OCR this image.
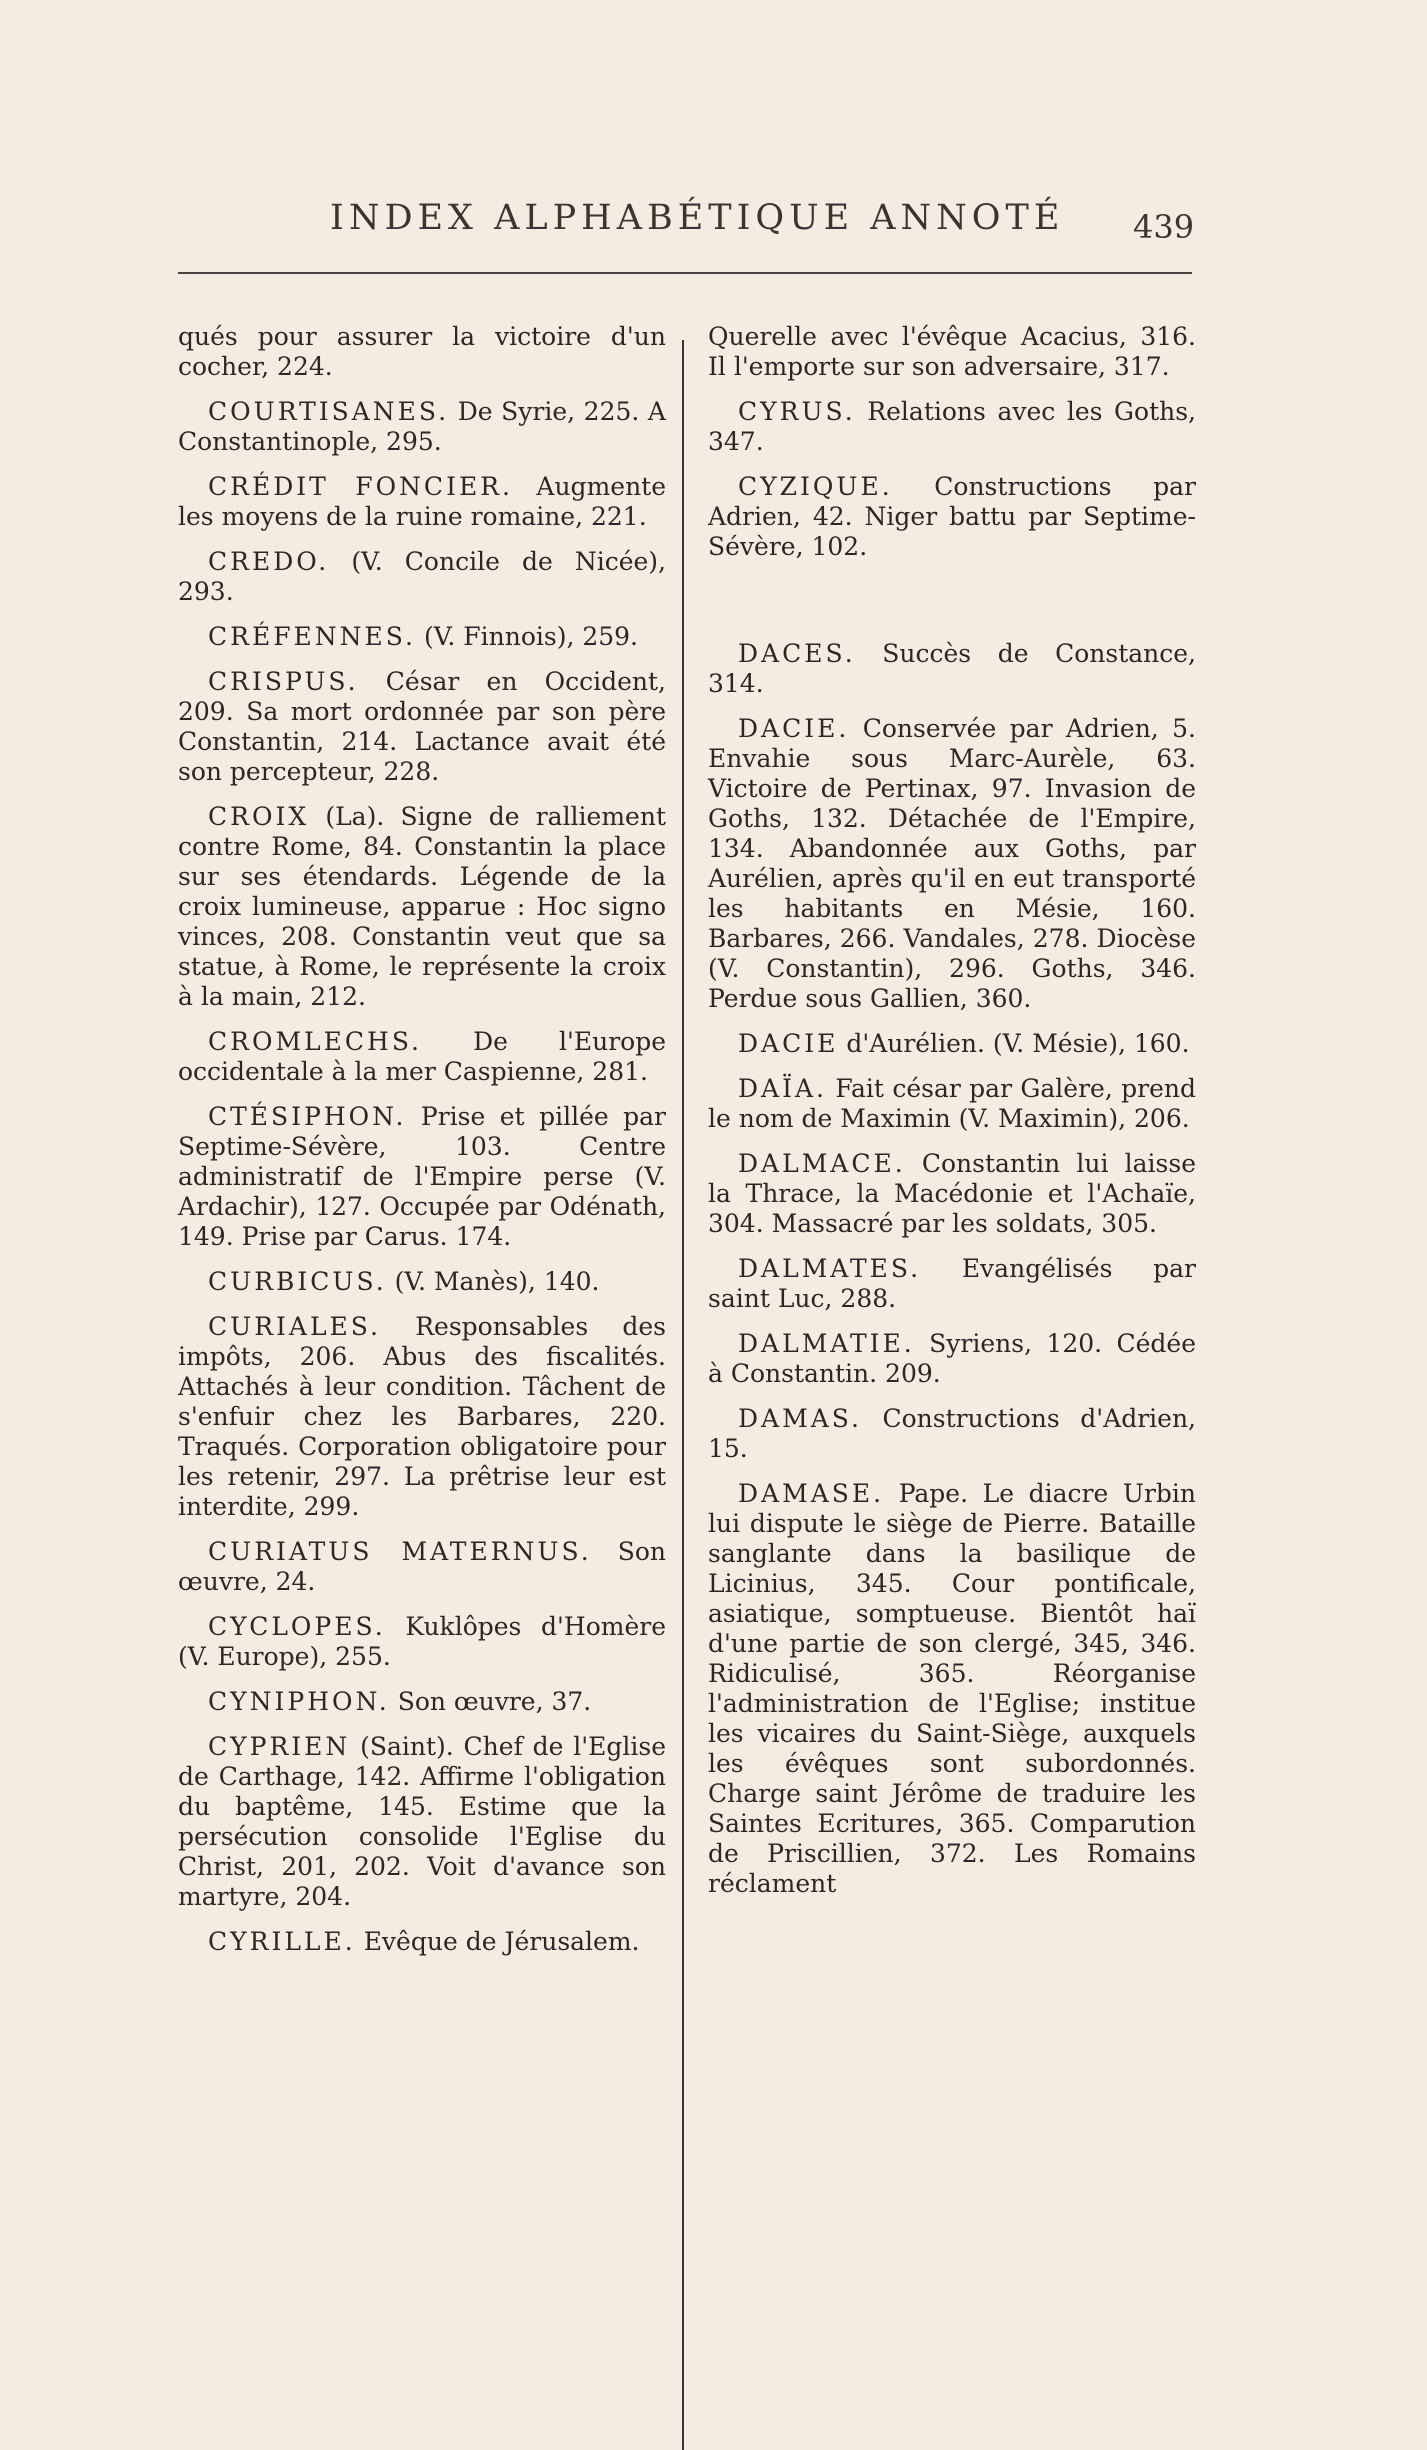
INDEX ALPHABÉTIQUE ANNOTÉ 439

qués pour assurer la victoire d'un cocher, 224.

COURTISANES. De Syrie, 225. A Constantinople, 295.

CRÉDIT FONCIER. Augmente les moyens de la ruine romaine, 221.

CREDO. (V. Concile de Nicée), 293.

CRÉFENNES. (V. Finnois), 259.

CRISPUS. César en Occident, 209. Sa mort ordonnée par son père Constantin, 214. Lactance avait été son percepteur, 228.

CROIX (La). Signe de ralliement contre Rome, 84. Constantin la place sur ses étendards. Légende de la croix lumineuse, apparue : Hoc signo vinces, 208. Constantin veut que sa statue, à Rome, le représente la croix à la main, 212.

CROMLECHS. De l'Europe occidentale à la mer Caspienne, 281.

CTÉSIPHON. Prise et pillée par Septime-Sévère, 103. Centre administratif de l'Empire perse (V. Ardachir), 127. Occupée par Odénath, 149. Prise par Carus. 174.

CURBICUS. (V. Manès), 140.

CURIALES. Responsables des impôts, 206. Abus des fiscalités. Attachés à leur condition. Tâchent de s'enfuir chez les Barbares, 220. Traqués. Corporation obligatoire pour les retenir, 297. La prêtrise leur est interdite, 299.

CURIATUS MATERNUS. Son œuvre, 24.

CYCLOPES. Kuklôpes d'Homère (V. Europe), 255.

CYNIPHON. Son œuvre, 37.

CYPRIEN (Saint). Chef de l'Eglise de Carthage, 142. Affirme l'obligation du baptême, 145. Estime que la persécution consolide l'Eglise du Christ, 201, 202. Voit d'avance son martyre, 204.

CYRILLE. Evêque de Jérusalem.

Querelle avec l'évêque Acacius, 316. Il l'emporte sur son adversaire, 317.

CYRUS. Relations avec les Goths, 347.

CYZIQUE. Constructions par Adrien, 42. Niger battu par Septime-Sévère, 102.

DACES. Succès de Constance, 314.

DACIE. Conservée par Adrien, 5. Envahie sous Marc-Aurèle, 63. Victoire de Pertinax, 97. Invasion de Goths, 132. Détachée de l'Empire, 134. Abandonnée aux Goths, par Aurélien, après qu'il en eut transporté les habitants en Mésie, 160. Barbares, 266. Vandales, 278. Diocèse (V. Constantin), 296. Goths, 346. Perdue sous Gallien, 360.

DACIE d'Aurélien. (V. Mésie), 160.

DAÏA. Fait césar par Galère, prend le nom de Maximin (V. Maximin), 206.

DALMACE. Constantin lui laisse la Thrace, la Macédonie et l'Achaïe, 304. Massacré par les soldats, 305.

DALMATES. Evangélisés par saint Luc, 288.

DALMATIE. Syriens, 120. Cédée à Constantin. 209.

DAMAS. Constructions d'Adrien, 15.

DAMASE. Pape. Le diacre Urbin lui dispute le siège de Pierre. Bataille sanglante dans la basilique de Licinius, 345. Cour pontificale, asiatique, somptueuse. Bientôt haï d'une partie de son clergé, 345, 346. Ridiculisé, 365. Réorganise l'administration de l'Eglise; institue les vicaires du Saint-Siège, auxquels les évêques sont subordonnés. Charge saint Jérôme de traduire les Saintes Ecritures, 365. Comparution de Priscillien, 372. Les Romains réclament
